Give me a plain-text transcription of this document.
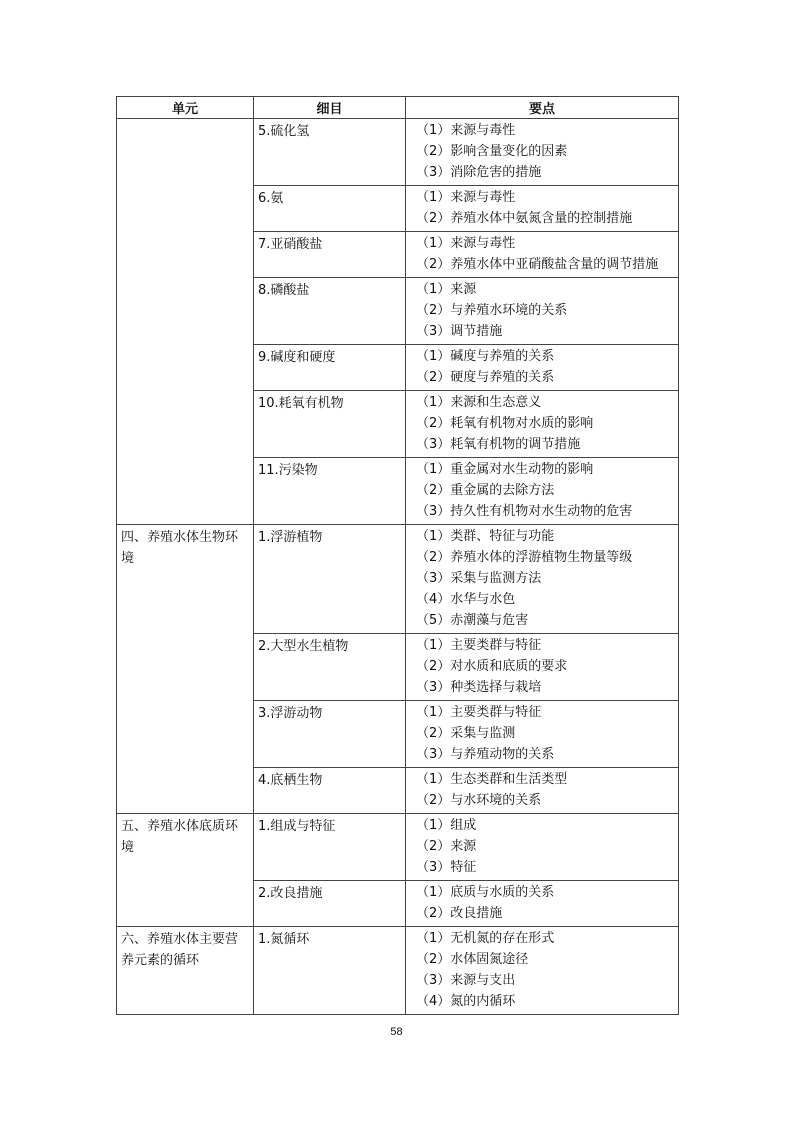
单元	细目	要点
	5.硫化氢	（1）来源与毒性
（2）影响含量变化的因素
（3）消除危害的措施

	6.氨	（1）来源与毒性
（2）养殖水体中氨氮含量的控制措施

	7.亚硝酸盐	（1）来源与毒性
（2）养殖水体中亚硝酸盐含量的调节措施

	8.磷酸盐	（1）来源
（2）与养殖水环境的关系
（3）调节措施

	9.碱度和硬度	（1）碱度与养殖的关系
（2）硬度与养殖的关系

	10.耗氧有机物	（1）来源和生态意义
（2）耗氧有机物对水质的影响
（3）耗氧有机物的调节措施

	11.污染物	（1）重金属对水生动物的影响
（2）重金属的去除方法
（3）持久性有机物对水生动物的危害

四、养殖水体生物环境	1.浮游植物	（1）类群、特征与功能
（2）养殖水体的浮游植物生物量等级
（3）采集与监测方法
（4）水华与水色
（5）赤潮藻与危害

	2.大型水生植物	（1）主要类群与特征
（2）对水质和底质的要求
（3）种类选择与栽培

	3.浮游动物	（1）主要类群与特征
（2）采集与监测
（3）与养殖动物的关系

	4.底栖生物	（1）生态类群和生活类型
（2）与水环境的关系

五、养殖水体底质环境	1.组成与特征	（1）组成
（2）来源
（3）特征

	2.改良措施	（1）底质与水质的关系
（2）改良措施

六、养殖水体主要营养元素的循环	1.氮循环	（1）无机氮的存在形式
（2）水体固氮途径
（3）来源与支出
（4）氮的内循环
58
